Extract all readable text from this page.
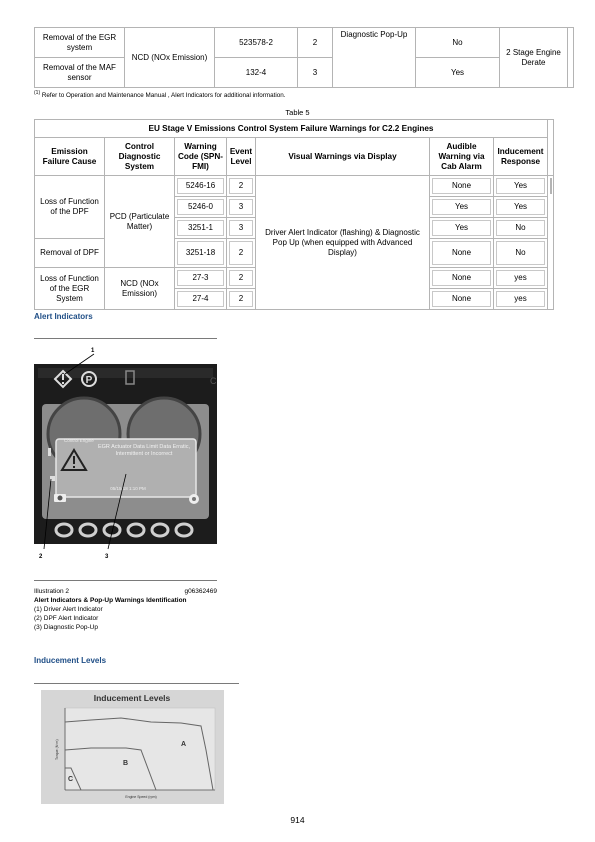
Removal of the EGR system	NCD (NOx Emission)	523578-2	2	Diagnostic Pop-Up	No	2 Stage Engine Derate	
Removal of the MAF sensor		132-4	3		Yes		
$^{(1)}$ Refer to Operation and Maintenance Manual , Alert Indicators for additional information.
Table 5
EU Stage V Emissions Control System Failure Warnings for C2.2 Engines							
Emission Failure Cause	Control Diagnostic System	Warning Code (SPN-FMI)	Event Level	Visual Warnings via Display	Audible Warning via Cab Alarm	Inducement Response	
Loss of Function of the DPF	PCD (Particulate Matter)	5246-16	2	Driver Alert Indicator (flashing) & Diagnostic Pop Up (when equipped with Advanced Display)	None	Yes	

		5246-0	3		Yes	Yes	

		3251-1	3		Yes	No	

Removal of DPF		3251-18	2		None	No	

Loss of Function of the EGR System	NCD (NOx Emission)	27-3	2		None	yes	

		27-4	2		None	yes	
Alert Indicators
P	C
Control Engine
EGR Actuator Data Limit Data Erratic, Intermittent or Incorrect
05/15/18 1:10 PM
1
2	3
Illustration 2	g06362469
Alert Indicators & Pop-Up Warnings Identification
(1) Driver Alert Indicator
(2) DPF Alert Indicator
(3) Diagnostic Pop-Up
Inducement Levels
Inducement Levels
A
B
C
Torque (N·m)
Engine Speed (rpm)
914
